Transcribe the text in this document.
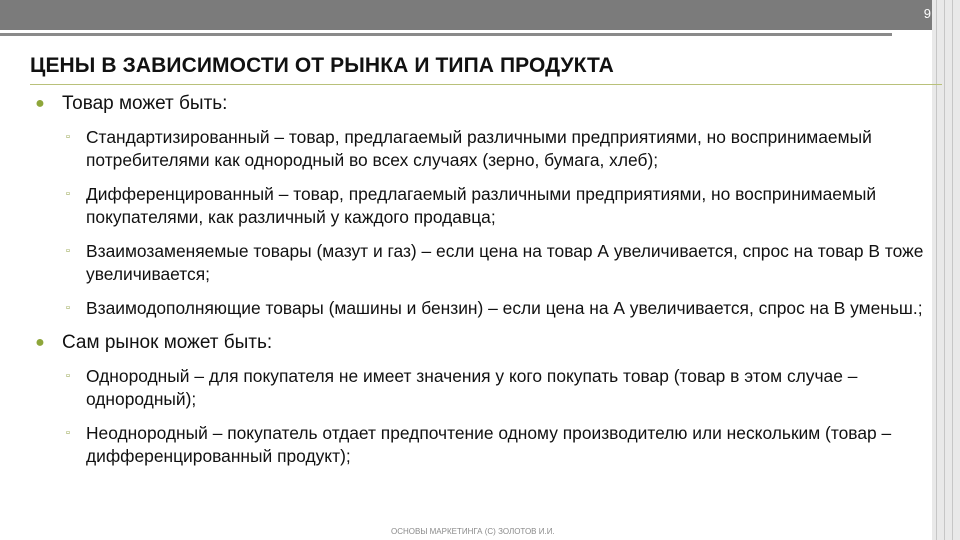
9
ЦЕНЫ В ЗАВИСИМОСТИ ОТ РЫНКА И ТИПА ПРОДУКТА
● Товар может быть:
▫ Стандартизированный – товар, предлагаемый различными предприятиями, но воспринимаемый потребителями как однородный во всех случаях (зерно, бумага, хлеб);
▫ Дифференцированный – товар, предлагаемый различными предприятиями, но воспринимаемый покупателями, как различный у каждого продавца;
▫ Взаимозаменяемые товары (мазут и газ) – если цена на товар А увеличивается, спрос на товар В тоже увеличивается;
▫ Взаимодополняющие товары (машины и бензин) – если цена на А увеличивается, спрос на В уменьш.;
● Сам рынок может быть:
▫ Однородный – для покупателя не имеет значения у кого покупать товар (товар в этом случае – однородный);
▫ Неоднородный – покупатель отдает предпочтение одному производителю или нескольким (товар – дифференцированный продукт);
ОСНОВЫ МАРКЕТИНГА (С) ЗОЛОТОВ И.И.
